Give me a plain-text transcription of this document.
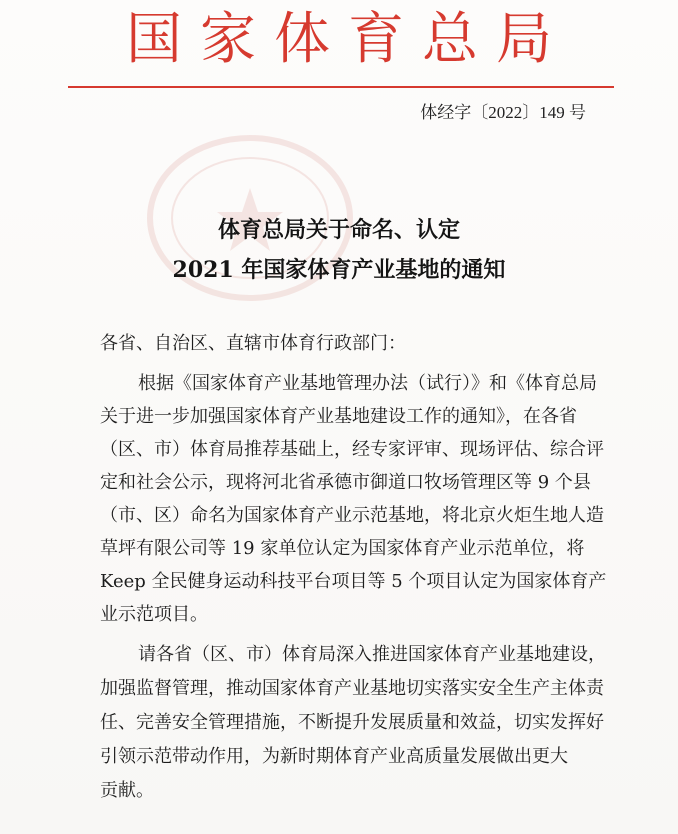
国家体育总局
体经字〔2022〕149 号
体育总局关于命名、认定
2021 年国家体育产业基地的通知
各省、自治区、直辖市体育行政部门：
根据《国家体育产业基地管理办法（试行）》和《体育总局
关于进一步加强国家体育产业基地建设工作的通知》，在各省
（区、市）体育局推荐基础上，经专家评审、现场评估、综合评
定和社会公示，现将河北省承德市御道口牧场管理区等 9 个县
（市、区）命名为国家体育产业示范基地，将北京火炬生地人造
草坪有限公司等 19 家单位认定为国家体育产业示范单位，将
Keep 全民健身运动科技平台项目等 5 个项目认定为国家体育产
业示范项目。
请各省（区、市）体育局深入推进国家体育产业基地建设，
加强监督管理，推动国家体育产业基地切实落实安全生产主体责
任、完善安全管理措施，不断提升发展质量和效益，切实发挥好
引领示范带动作用，为新时期体育产业高质量发展做出更大
贡献。
